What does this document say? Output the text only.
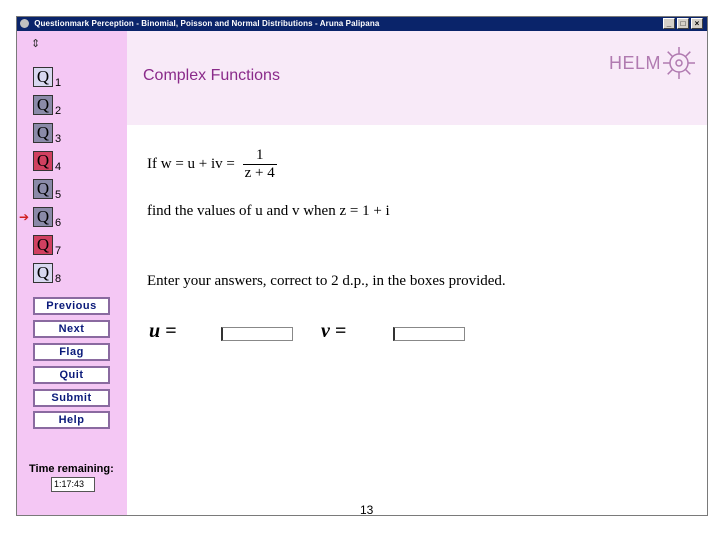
Questionmark Perception - Binomial, Poisson and Normal Distributions - Aruna Palipana	_	□	×
⇕
Q 1
Q 2
Q 3
Q 4
Q 5
➔ Q 6
Q 7
Q 8
Previous
Next
Flag
Quit
Submit
Help
Time remaining:
1:17:43
Complex Functions
HELM
If w = u + iv = $\frac{1}{z + 4}$
find the values of u and v when z = 1 + i
Enter your answers, correct to 2 d.p., in the boxes provided.
u =	v =
13
